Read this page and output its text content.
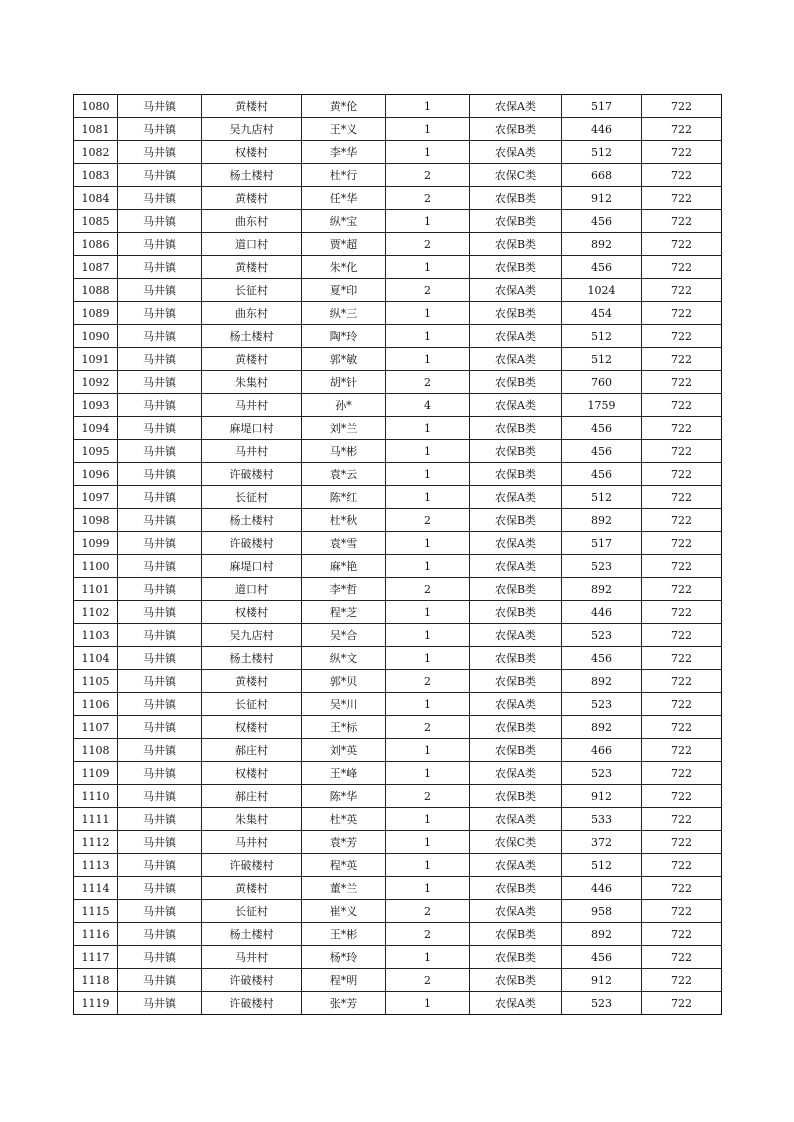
1080	马井镇	黄楼村	黄*伦	1	农保A类	517	722
1081	马井镇	吴九店村	王*义	1	农保B类	446	722
1082	马井镇	权楼村	李*华	1	农保A类	512	722
1083	马井镇	杨土楼村	杜*行	2	农保C类	668	722
1084	马井镇	黄楼村	任*华	2	农保B类	912	722
1085	马井镇	曲东村	纵*宝	1	农保B类	456	722
1086	马井镇	道口村	贾*超	2	农保B类	892	722
1087	马井镇	黄楼村	朱*化	1	农保B类	456	722
1088	马井镇	长征村	夏*印	2	农保A类	1024	722
1089	马井镇	曲东村	纵*三	1	农保B类	454	722
1090	马井镇	杨土楼村	陶*玲	1	农保A类	512	722
1091	马井镇	黄楼村	郭*敏	1	农保A类	512	722
1092	马井镇	朱集村	胡*针	2	农保B类	760	722
1093	马井镇	马井村	孙*	4	农保A类	1759	722
1094	马井镇	麻堤口村	刘*兰	1	农保B类	456	722
1095	马井镇	马井村	马*彬	1	农保B类	456	722
1096	马井镇	许破楼村	袁*云	1	农保B类	456	722
1097	马井镇	长征村	陈*红	1	农保A类	512	722
1098	马井镇	杨土楼村	杜*秋	2	农保B类	892	722
1099	马井镇	许破楼村	袁*雪	1	农保A类	517	722
1100	马井镇	麻堤口村	麻*艳	1	农保A类	523	722
1101	马井镇	道口村	李*哲	2	农保B类	892	722
1102	马井镇	权楼村	程*芝	1	农保B类	446	722
1103	马井镇	吴九店村	吴*合	1	农保A类	523	722
1104	马井镇	杨土楼村	纵*文	1	农保B类	456	722
1105	马井镇	黄楼村	郭*贝	2	农保B类	892	722
1106	马井镇	长征村	吴*川	1	农保A类	523	722
1107	马井镇	权楼村	王*标	2	农保B类	892	722
1108	马井镇	郝庄村	刘*英	1	农保B类	466	722
1109	马井镇	权楼村	王*峰	1	农保A类	523	722
1110	马井镇	郝庄村	陈*华	2	农保B类	912	722
1111	马井镇	朱集村	杜*英	1	农保A类	533	722
1112	马井镇	马井村	袁*芳	1	农保C类	372	722
1113	马井镇	许破楼村	程*英	1	农保A类	512	722
1114	马井镇	黄楼村	董*兰	1	农保B类	446	722
1115	马井镇	长征村	崔*义	2	农保A类	958	722
1116	马井镇	杨土楼村	王*彬	2	农保B类	892	722
1117	马井镇	马井村	杨*玲	1	农保B类	456	722
1118	马井镇	许破楼村	程*明	2	农保B类	912	722
1119	马井镇	许破楼村	张*芳	1	农保A类	523	722
